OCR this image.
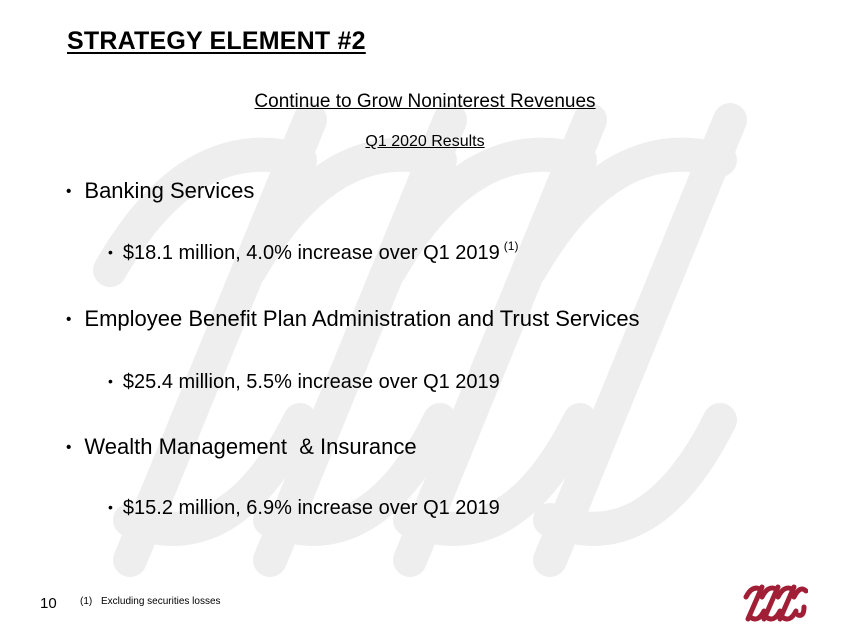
STRATEGY ELEMENT #2
Continue to Grow Noninterest Revenues
Q1 2020 Results
• Banking Services
• $18.1 million, 4.0% increase over Q1 2019 (1)
• Employee Benefit Plan Administration and Trust Services
• $25.4 million, 5.5% increase over Q1 2019
• Wealth Management  & Insurance
• $15.2 million, 6.9% increase over Q1 2019
10 (1) Excluding securities losses
